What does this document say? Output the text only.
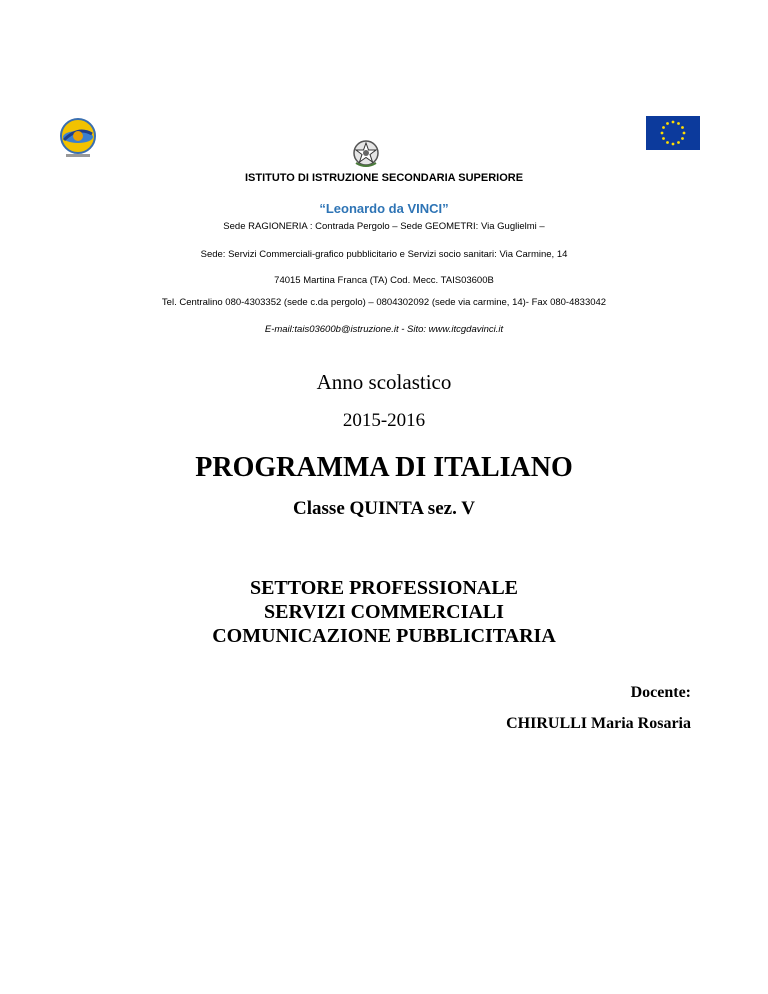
ISTITUTO DI ISTRUZIONE SECONDARIA SUPERIORE
“Leonardo da VINCI”
Sede RAGIONERIA : Contrada Pergolo – Sede GEOMETRI: Via Guglielmi –
Sede: Servizi Commerciali-grafico pubblicitario e Servizi socio sanitari: Via Carmine, 14
74015 Martina Franca (TA) Cod. Mecc. TAIS03600B
Tel. Centralino 080-4303352 (sede c.da pergolo) – 0804302092 (sede via carmine, 14)- Fax 080-4833042
E-mail:tais03600b@istruzione.it - Sito: www.itcgdavinci.it
Anno scolastico
2015-2016
PROGRAMMA DI ITALIANO
Classe QUINTA sez. V
SETTORE PROFESSIONALE
SERVIZI COMMERCIALI
COMUNICAZIONE PUBBLICITARIA
Docente:
CHIRULLI Maria Rosaria
